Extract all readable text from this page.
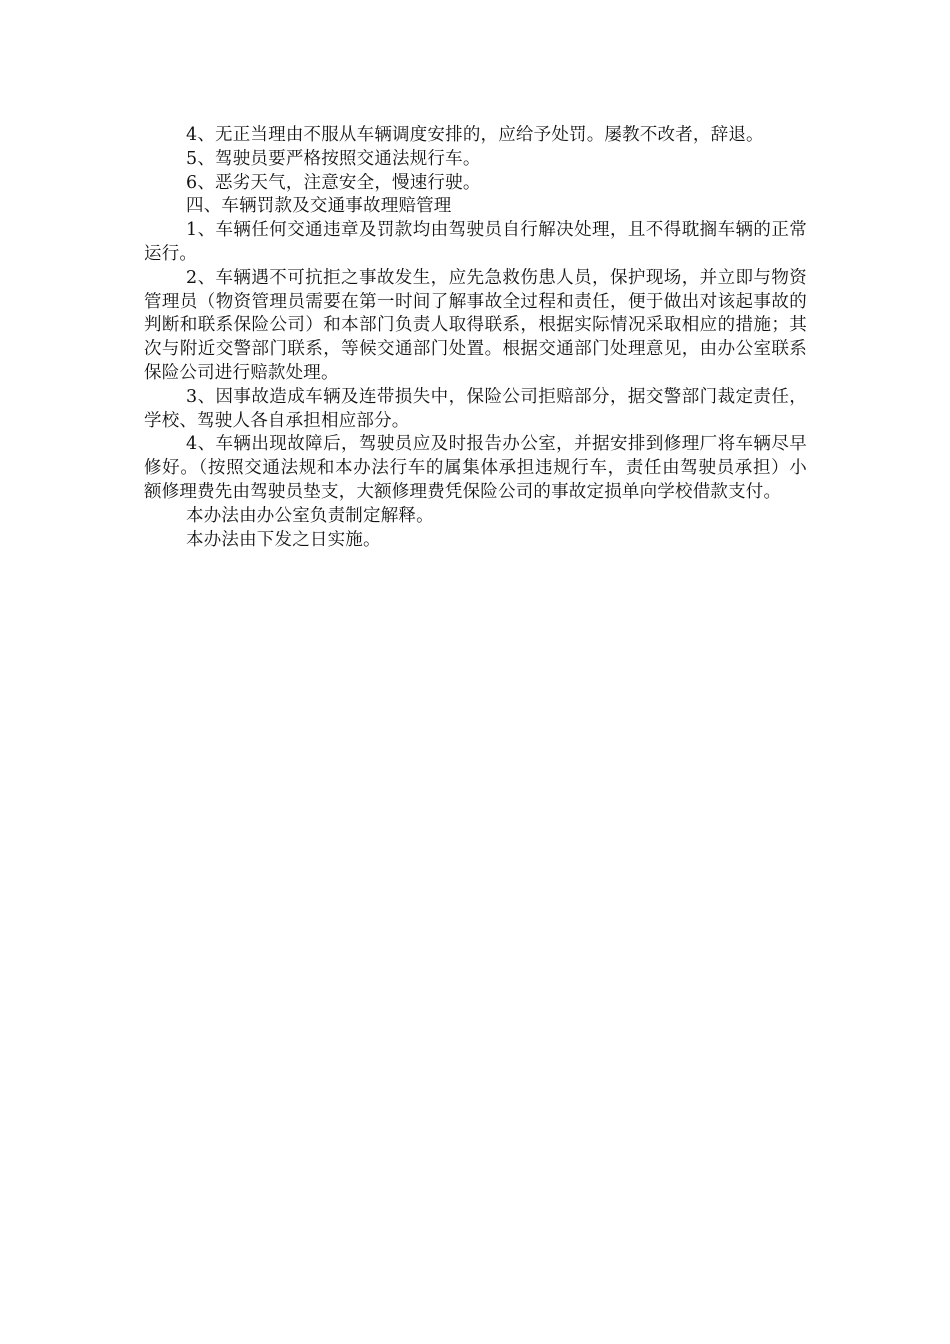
4、无正当理由不服从车辆调度安排的，应给予处罚。屡教不改者，辞退。

5、驾驶员要严格按照交通法规行车。

6、恶劣天气，注意安全，慢速行驶。

四、车辆罚款及交通事故理赔管理

1、车辆任何交通违章及罚款均由驾驶员自行解决处理，且不得耽搁车辆的正常运行。

2、车辆遇不可抗拒之事故发生，应先急救伤患人员，保护现场，并立即与物资管理员（物资管理员需要在第一时间了解事故全过程和责任，便于做出对该起事故的判断和联系保险公司）和本部门负责人取得联系，根据实际情况采取相应的措施；其次与附近交警部门联系，等候交通部门处置。根据交通部门处理意见，由办公室联系保险公司进行赔款处理。

3、因事故造成车辆及连带损失中，保险公司拒赔部分，据交警部门裁定责任，学校、驾驶人各自承担相应部分。

4、车辆出现故障后，驾驶员应及时报告办公室，并据安排到修理厂将车辆尽早修好。（按照交通法规和本办法行车的属集体承担违规行车，责任由驾驶员承担）小额修理费先由驾驶员垫支，大额修理费凭保险公司的事故定损单向学校借款支付。

本办法由办公室负责制定解释。

本办法由下发之日实施。
